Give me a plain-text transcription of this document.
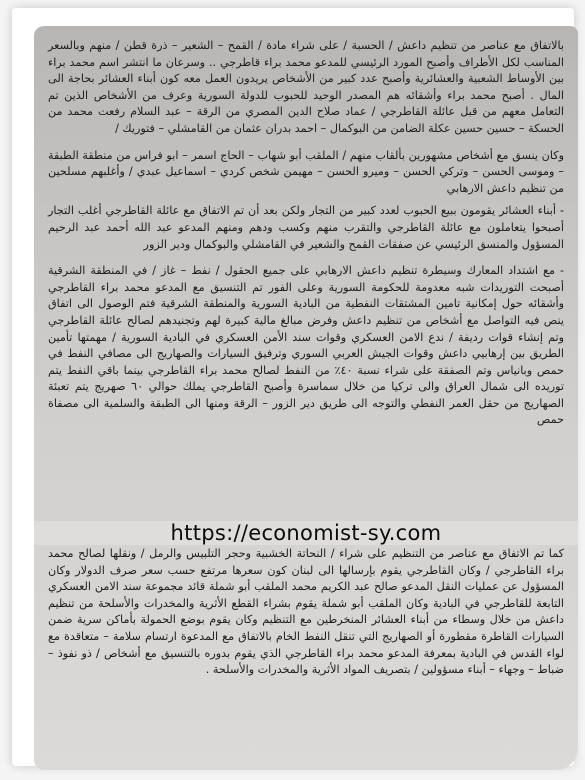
بالاتفاق مع عناصر من تنظيم داعش / الحسبة / على شراء مادة / القمح – الشعير – ذرة قطن / منهم وبالسعر المناسب لكل الأطراف وأصبح المورد الرئيسي للمدعو محمد براء قاطرجي .. وسرعان ما انتشر اسم محمد براء بين الأوساط الشعبية والعشائرية وأصبح عدد كبير من الأشخاص يريدون العمل معه كون أبناء العشائر بحاجة الى المال . أصبح محمد براء وأشقائه هم المصدر الوحيد للحبوب للدولة السورية وعرف من الأشخاص الذين تم التعامل معهم من قبل عائلة القاطرجي / عماد صلاح الدين المصري من الرقة – عبد السلام رفعت محمد من الحسكة – حسين حسين عكلة الضامن من البوكمال – احمد بدران عثمان من القامشلي – فتوريك /

وكان ينسق مع أشخاص مشهورين بألقاب منهم / الملقب أبو شهاب – الحاج اسمر – ابو فراس من منطقة الطبقة – وموسى الحسن – وتركي الحسن – وميرو الحسن – مهيمن شخص كردي – اسماعيل عبدي / وأغلبهم مسلحين من تنظيم داعش الارهابي

- أبناء العشائر يقومون ببيع الحبوب لعدد كبير من التجار ولكن بعد أن تم الاتفاق مع عائلة القاطرجي أغلب التجار أصبحوا يتعاملون مع عائلة القاطرجي والتقرب منهم وكسب ودهم ومنهم المدعو عبد الله أحمد عبد الرحيم المسؤول والمنسق الرئيسي عن صفقات القمح والشعير في القامشلي والبوكمال ودير الزور

- مع اشتداد المعارك وسيطرة تنظيم داعش الارهابي على جميع الحقول / نفط – غاز / في المنطقة الشرقية أصبحت التوريدات شبه معدومة للحكومة السورية وعلى الفور تم التنسيق مع المدعو محمد براء القاطرجي وأشقائه حول إمكانية تامين المشتقات النفطية من البادية السورية والمنطقة الشرقية فتم الوصول الى اتفاق ينص فيه التواصل مع أشخاص من تنظيم داعش وفرض مبالغ مالية كبيرة لهم وتجنيدهم لصالح عائلة القاطرجي وتم إنشاء قوات رديفة / ندع الامن العسكري وقوات سند الأمن العسكري في البادية السورية / مهمتها تأمين الطريق بين إرهابيي داعش وقوات الجيش العربي السوري وترفيق السيارات والصهاريج الى مصافي النفط في حمص وبانياس وتم الصفقة على شراء نسبة ٤٠٪ من النفط لصالح محمد براء القاطرجي بينما باقي النفط يتم توريده الى شمال العراق والى تركيا من خلال سماسرة وأصبح القاطرجي يملك حوالي ٦٠ صهريج يتم تعبئة الصهاريج من حقل العمر النفطي والتوجه الى طريق دير الزور – الرقة ومنها الى الطبقة والسلمية الى مصفاة حمص

https://economist-sy.com

كما تم الاتفاق مع عناصر من التنظيم على شراء / النحاتة الخشبية وحجر التلبيس والرمل / ونقلها لصالح محمد براء القاطرجي / وكان القاطرجي يقوم بإرسالها الى لبنان كون سعرها مرتفع حسب سعر صرف الدولار وكان المسؤول عن عمليات النقل المدعو صالح عبد الكريم محمد الملقب أبو شملة قائد مجموعة سند الامن العسكري التابعة للقاطرجي في البادية وكان الملقب أبو شملة يقوم بشراء القطع الأثرية والمخدرات والأسلحة من تنظيم داعش من خلال وسطاء من أبناء العشائر المنخرطين مع التنظيم وكان يقوم بوضع الحمولة بأماكن سرية ضمن السيارات القاطرة مقطورة أو الصهاريج التي تنقل النفط الخام بالاتفاق مع المدعوة ارتسام سلامة – متعاقدة مع لواء القدس في البادية بمعرفة المدعو محمد براء القاطرجي الذي يقوم بدوره بالتنسيق مع أشخاص / ذو نفوذ – ضباط – وجهاء – أبناء مسؤولين / بتصريف المواد الأثرية والمخدرات والأسلحة .
